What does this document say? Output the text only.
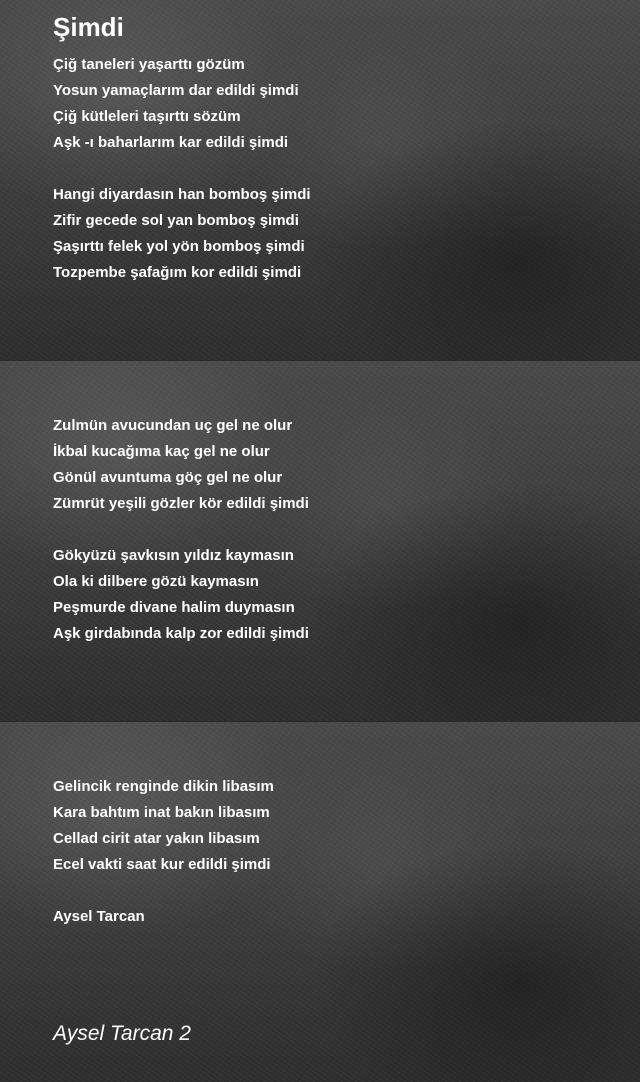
Şimdi
Çiğ taneleri yaşarttı gözüm
Yosun yamaçlarım dar edildi şimdi
Çiğ kütleleri taşırttı sözüm
Aşk -ı baharlarım kar edildi şimdi
Hangi diyardasın han bomboş şimdi
Zifir gecede sol yan bomboş şimdi
Şaşırttı felek yol yön bomboş şimdi
Tozpembe şafağım kor edildi şimdi
Zulmün avucundan uç gel ne olur
İkbal kucağıma kaç gel ne olur
Gönül avuntuma göç gel ne olur
Zümrüt yeşili gözler kör edildi şimdi
Gökyüzü şavkısın yıldız kaymasın
Ola ki dilbere gözü kaymasın
Peşmurde divane halim duymasın
Aşk girdabında kalp zor edildi şimdi
Gelincik renginde dikin libasım
Kara bahtım inat bakın libasım
Cellad cirit atar yakın libasım
Ecel vakti saat kur edildi şimdi
Aysel Tarcan
Aysel Tarcan 2
